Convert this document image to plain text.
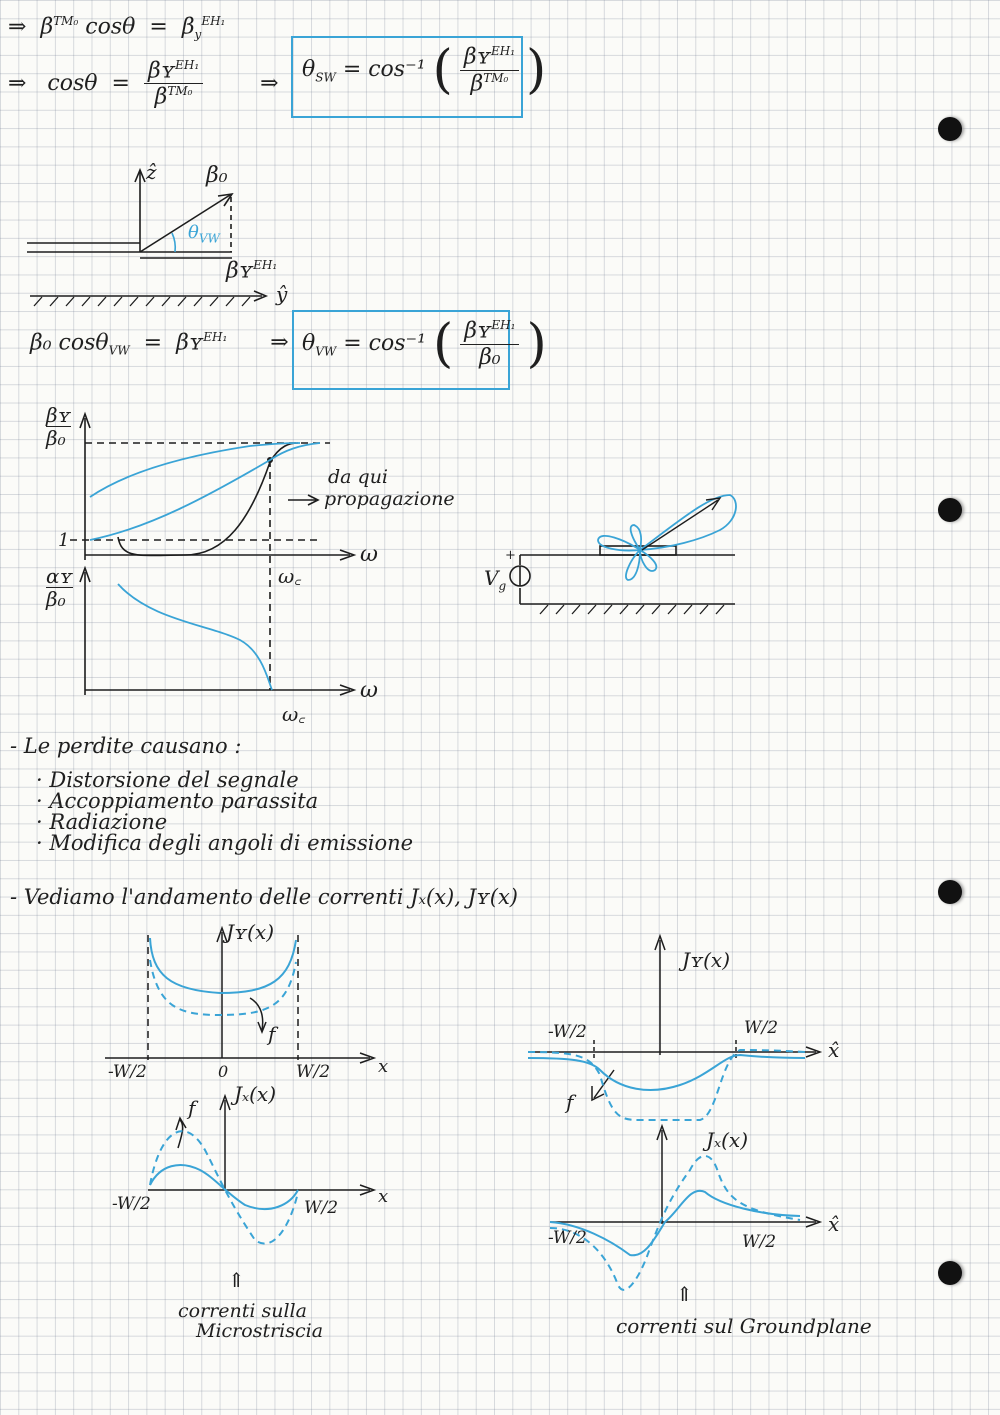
⇒ $\beta^{TM_0}$ $\cos\theta = \beta_y^{EH_1}$
⇒ $\cos\theta = \frac{\beta ʏ^{EH_1}}{\beta^{TM_0}}$	⇒
$\theta_{SW} = \cos^{-1}$ ( $\frac{\beta ʏ^{EH_1}}{\beta^{TM_0}}$ )
ẑ β₀
$\theta_{VW}$
βʏ$^{EH_1}$
ŷ
β₀ cosθ$_{VW}$ = βʏ$^{EH_1}$ ⇒ $\theta_{VW} = \cos^{-1}$ ( $\frac{\beta ʏ^{EH_1}}{\text{β₀}}$ )
βʏ
β₀
1
ω
ω꜀
da qui
propagazione
αʏ
β₀
ω
ω꜀
$V_g$
+
- Le perdite causano :
· Distorsione del segnale
· Accoppiamento parassita
· Radiazione
· Modifica degli angoli di emissione
- Vediamo l'andamento delle correnti Jₓ(x), Jʏ(x)
Jʏ(x)
f
x
-W/2	0	W/2
Jₓ(x)
f
x
-W/2	W/2
⇑
correnti sulla
Microstriscia
Jʏ(x)
-W/2	W/2
x̂
f
Jₓ(x)
-W/2	W/2
x̂
⇑
correnti sul Groundplane
